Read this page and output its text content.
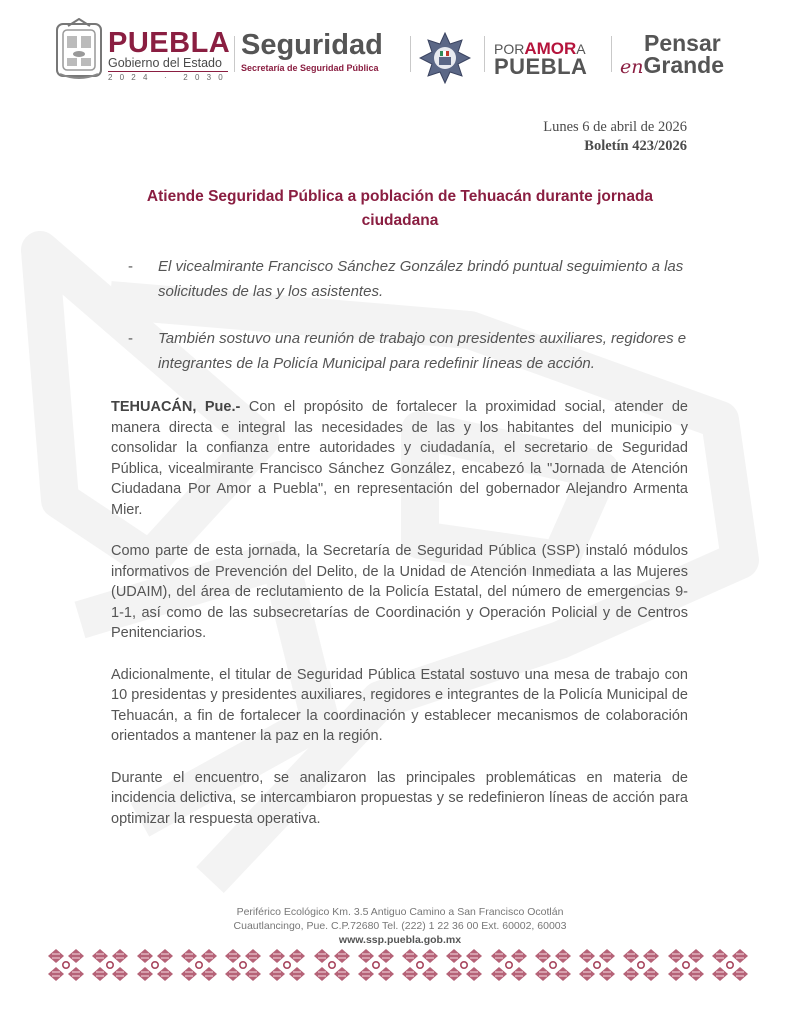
PUEBLA
Gobierno del Estado
2024 · 2030
Seguridad
Secretaría de Seguridad Pública
PORAMORA
PUEBLA
Pensar
enGrande
Lunes 6 de abril de 2026
Boletín 423/2026
Atiende Seguridad Pública a población de Tehuacán durante jornada ciudadana
- El vicealmirante Francisco Sánchez González brindó puntual seguimiento a las solicitudes de las y los asistentes.
- También sostuvo una reunión de trabajo con presidentes auxiliares, regidores e integrantes de la Policía Municipal para redefinir líneas de acción.

TEHUACÁN, Pue.- Con el propósito de fortalecer la proximidad social, atender de manera directa e integral las necesidades de las y los habitantes del municipio y consolidar la confianza entre autoridades y ciudadanía, el secretario de Seguridad Pública, vicealmirante Francisco Sánchez González, encabezó la "Jornada de Atención Ciudadana Por Amor a Puebla", en representación del gobernador Alejandro Armenta Mier.

Como parte de esta jornada, la Secretaría de Seguridad Pública (SSP) instaló módulos informativos de Prevención del Delito, de la Unidad de Atención Inmediata a las Mujeres (UDAIM), del área de reclutamiento de la Policía Estatal, del número de emergencias 9-1-1, así como de las subsecretarías de Coordinación y Operación Policial y de Centros Penitenciarios.

Adicionalmente, el titular de Seguridad Pública Estatal sostuvo una mesa de trabajo con 10 presidentas y presidentes auxiliares, regidores e integrantes de la Policía Municipal de Tehuacán, a fin de fortalecer la coordinación y establecer mecanismos de colaboración orientados a mantener la paz en la región.

Durante el encuentro, se analizaron las principales problemáticas en materia de incidencia delictiva, se intercambiaron propuestas y se redefinieron líneas de acción para optimizar la respuesta operativa.

Periférico Ecológico Km. 3.5 Antiguo Camino a San Francisco Ocotlán
Cuautlancingo, Pue. C.P.72680 Tel. (222) 1 22 36 00 Ext. 60002, 60003
www.ssp.puebla.gob.mx
